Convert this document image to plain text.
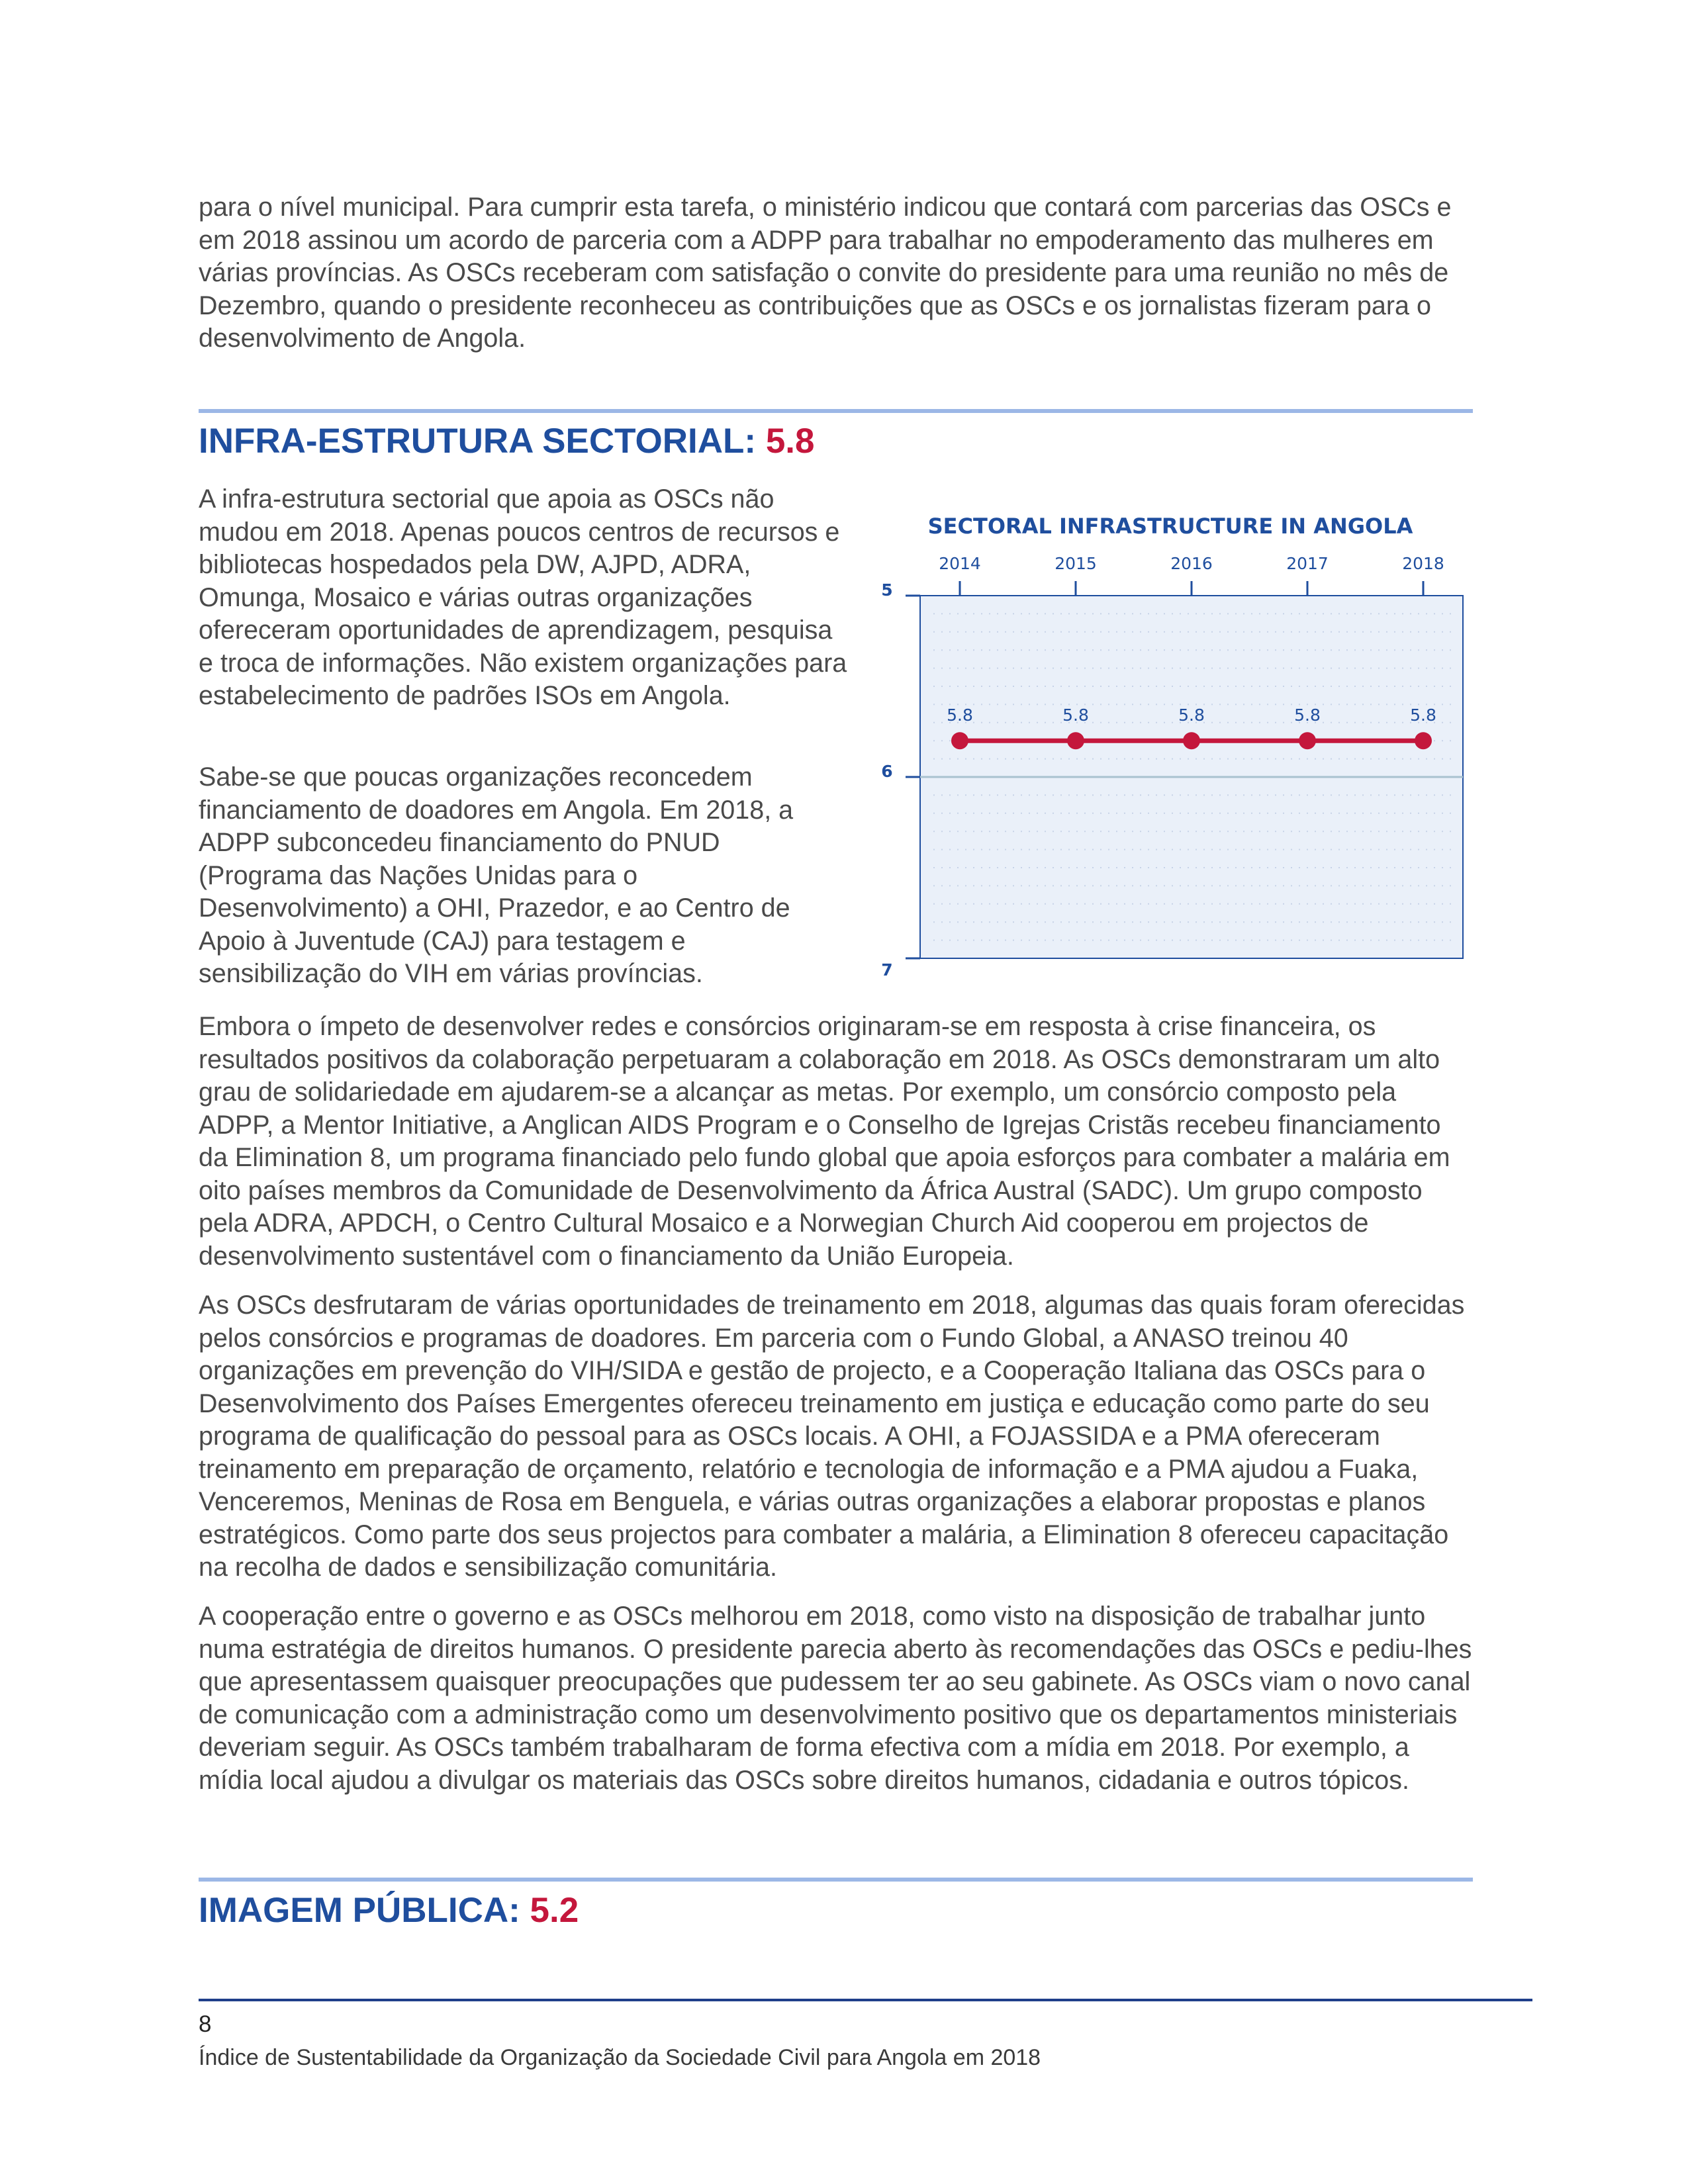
para o nível municipal. Para cumprir esta tarefa, o ministério indicou que contará com parcerias das OSCs e em 2018 assinou um acordo de parceria com a ADPP para trabalhar no empoderamento das mulheres em várias províncias. As OSCs receberam com satisfação o convite do presidente para uma reunião no mês de Dezembro, quando o presidente reconheceu as contribuições que as OSCs e os jornalistas fizeram para o desenvolvimento de Angola.

INFRA-ESTRUTURA SECTORIAL: 5.8

A infra-estrutura sectorial que apoia as OSCs não mudou em 2018. Apenas poucos centros de recursos e bibliotecas hospedados pela DW, AJPD, ADRA, Omunga, Mosaico e várias outras organizações ofereceram oportunidades de aprendizagem, pesquisa e troca de informações. Não existem organizações para estabelecimento de padrões ISOs em Angola.

Sabe-se que poucas organizações reconcedem financiamento de doadores em Angola. Em 2018, a ADPP subconcedeu financiamento do PNUD (Programa das Nações Unidas para o Desenvolvimento) a OHI, Prazedor, e ao Centro de Apoio à Juventude (CAJ) para testagem e sensibilização do VIH em várias províncias.

Embora o ímpeto de desenvolver redes e consórcios originaram-se em resposta à crise financeira, os resultados positivos da colaboração perpetuaram a colaboração em 2018. As OSCs demonstraram um alto grau de solidariedade em ajudarem-se a alcançar as metas. Por exemplo, um consórcio composto pela ADPP, a Mentor Initiative, a Anglican AIDS Program e o Conselho de Igrejas Cristãs recebeu financiamento da Elimination 8, um programa financiado pelo fundo global que apoia esforços para combater a malária em oito países membros da Comunidade de Desenvolvimento da África Austral (SADC). Um grupo composto pela ADRA, APDCH, o Centro Cultural Mosaico e a Norwegian Church Aid cooperou em projectos de desenvolvimento sustentável com o financiamento da União Europeia.

As OSCs desfrutaram de várias oportunidades de treinamento em 2018, algumas das quais foram oferecidas pelos consórcios e programas de doadores. Em parceria com o Fundo Global, a ANASO treinou 40 organizações em prevenção do VIH/SIDA e gestão de projecto, e a Cooperação Italiana das OSCs para o Desenvolvimento dos Países Emergentes ofereceu treinamento em justiça e educação como parte do seu programa de qualificação do pessoal para as OSCs locais. A OHI, a FOJASSIDA e a PMA ofereceram treinamento em preparação de orçamento, relatório e tecnologia de informação e a PMA ajudou a Fuaka, Venceremos, Meninas de Rosa em Benguela, e várias outras organizações a elaborar propostas e planos estratégicos. Como parte dos seus projectos para combater a malária, a Elimination 8 ofereceu capacitação na recolha de dados e sensibilização comunitária.

A cooperação entre o governo e as OSCs melhorou em 2018, como visto na disposição de trabalhar junto numa estratégia de direitos humanos. O presidente parecia aberto às recomendações das OSCs e pediu-lhes que apresentassem quaisquer preocupações que pudessem ter ao seu gabinete. As OSCs viam o novo canal de comunicação com a administração como um desenvolvimento positivo que os departamentos ministeriais deveriam seguir. As OSCs também trabalharam de forma efectiva com a mídia em 2018. Por exemplo, a mídia local ajudou a divulgar os materiais das OSCs sobre direitos humanos, cidadania e outros tópicos.

IMAGEM PÚBLICA: 5.2
SECTORAL INFRASTRUCTURE IN ANGOLA
2014	2015	2016	2017	2018
5
6
7
5.8	5.8	5.8	5.8	5.8
8
Índice de Sustentabilidade da Organização da Sociedade Civil para Angola em 2018
